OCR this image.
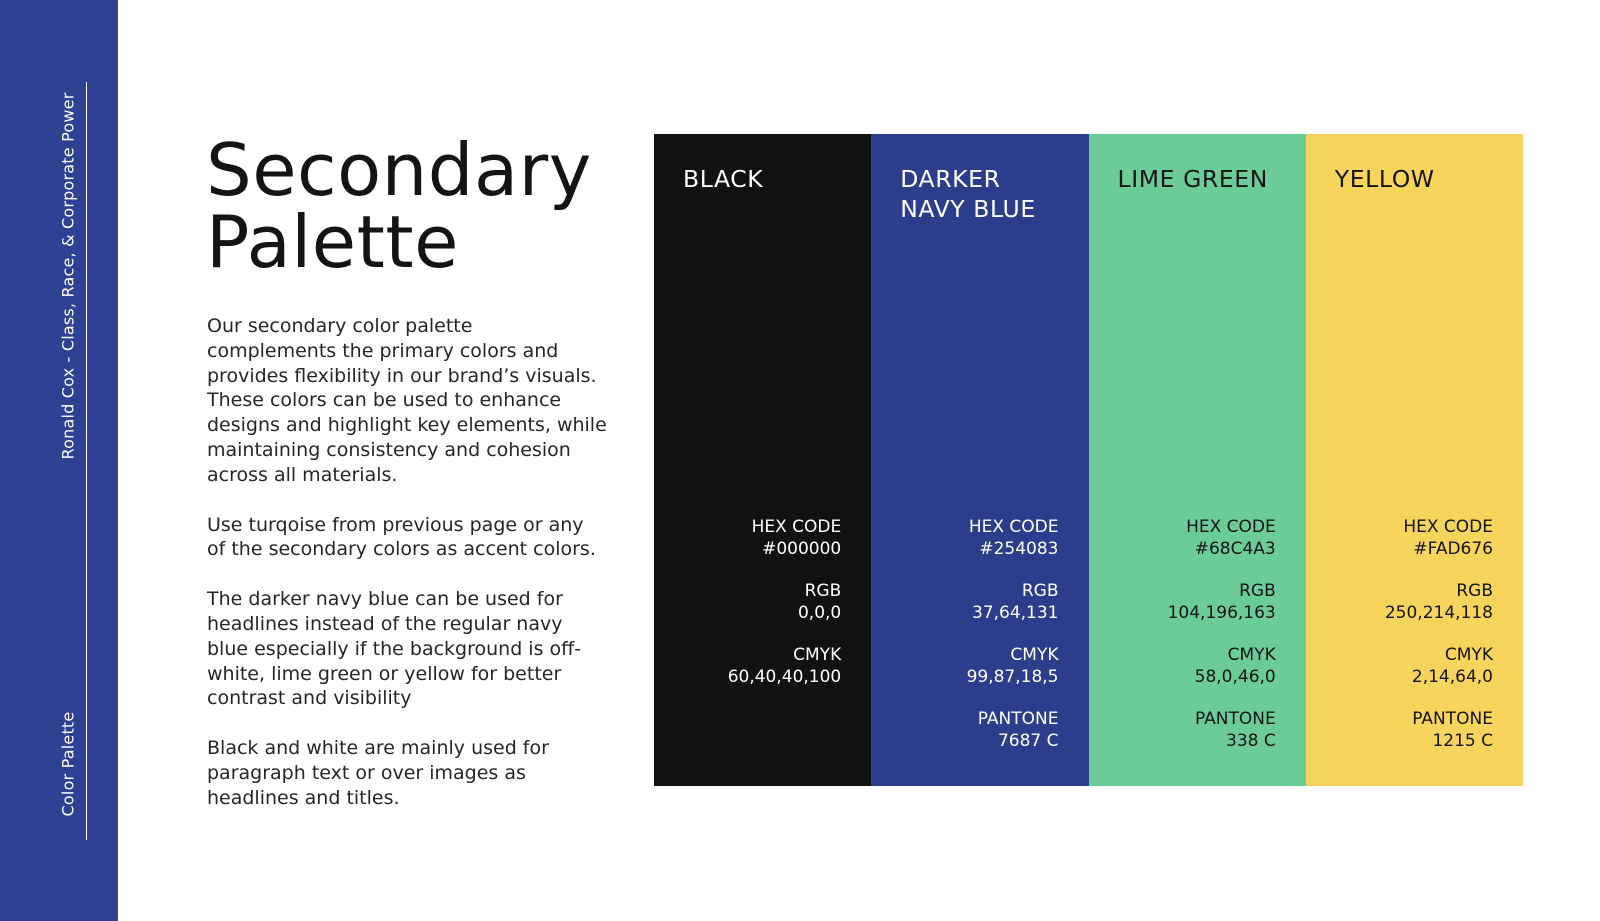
Ronald Cox - Class, Race, & Corporate Power
Color Palette
Secondary
Palette

Our secondary color palette complements the primary colors and provides flexibility in our brand’s visuals. These colors can be used to enhance designs and highlight key elements, while maintaining consistency and cohesion across all materials.

Use turqoise from previous page or any of the secondary colors as accent colors.

The darker navy blue can be used for headlines instead of the regular navy blue especially if the background is off-white, lime green or yellow for better contrast and visibility

Black and white are mainly used for paragraph text or over images as headlines and titles.

BLACK

HEX CODE
#000000
RGB
0,0,0
CMYK
60,40,40,100
DARKER
NAVY BLUE
HEX CODE
#254083
RGB
37,64,131
CMYK
99,87,18,5
PANTONE
7687 C
LIME GREEN

HEX CODE
#68C4A3
RGB
104,196,163
CMYK
58,0,46,0
PANTONE
338 C
YELLOW

HEX CODE
#FAD676
RGB
250,214,118
CMYK
2,14,64,0
PANTONE
1215 C
